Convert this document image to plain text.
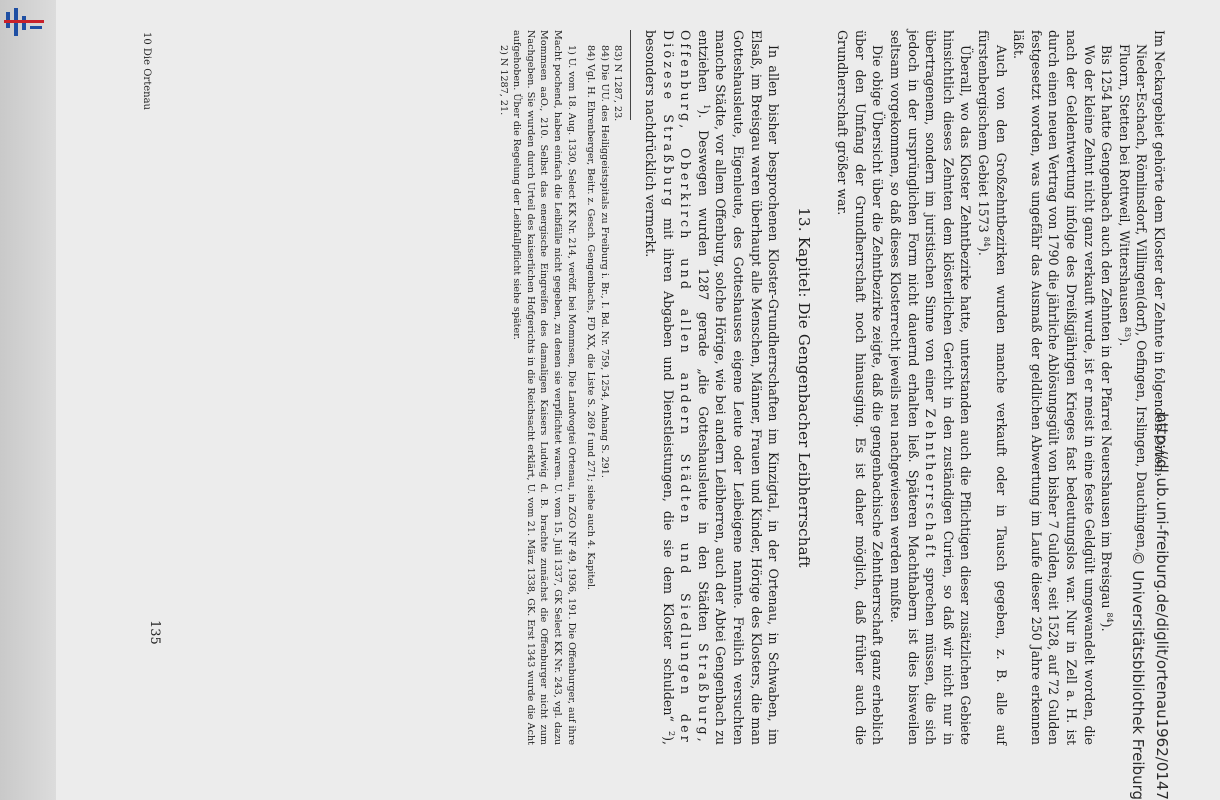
Im Neckargebiet gehörte dem Kloster der Zehnte in folgenden Orten:

Nieder-Eschach, Römlinsdorf, Villingen(dorf), Oefingen, Irslingen, Dauchingen,

Fluorn, Stetten bei Rottweil, Wittershausen $^{83}$).

Bis 1254 hatte Gengenbach auch den Zehnten in der Pfarrei Neuershausen im Breisgau $^{84}$).

Wo der kleine Zehnt nicht ganz verkauft wurde, ist er meist in eine feste Geldgült umgewandelt worden, die nach der Geldentwertung infolge des Dreißigjährigen Krieges fast bedeutungslos war. Nur in Zell a. H. ist durch einen neuen Vertrag von 1790 die jährliche Ablösungsgült von bisher 7 Gulden, seit 1528, auf 72 Gulden festgesetzt worden, was ungefähr das Ausmaß der geldlichen Abwertung im Laufe dieser 250 Jahre erkennen läßt.

Auch von den Großzehntbezirken wurden manche verkauft oder in Tausch gegeben, z. B. alle auf fürstenbergischem Gebiet 1573 $^{84}$).

Überall, wo das Kloster Zehntbezirke hatte, unterstanden auch die Pflichtigen dieser zusätzlichen Gebiete hinsichtlich dieses Zehnten dem klösterlichen Gericht in den zuständigen Curien, so daß wir nicht nur in übertragenem, sondern im juristischen Sinne von einer Zehntherrschaft sprechen müssen, die sich jedoch in der ursprünglichen Form nicht dauernd erhalten ließ. Späteren Machthabern ist dies bisweilen seltsam vorgekommen, so daß dieses Klosterrecht jeweils neu nachgewiesen werden mußte.

Die obige Übersicht über die Zehntbezirke zeigte, daß die gengenbachische Zehntherrschaft ganz erheblich über den Umfang der Grundherrschaft noch hinausging. Es ist daher möglich, daß früher auch die Grundherrschaft größer war.

13. Kapitel: Die Gengenbacher Leibherrschaft

In allen bisher besprochenen Kloster-Grundherrschaften im Kinzigtal, in der Ortenau, in Schwaben, im Elsaß, im Breisgau waren überhaupt alle Menschen, Männer, Frauen und Kinder, Hörige des Klosters, die man Gotteshausleute, Eigenleute, des Gotteshauses eigene Leute oder Leibeigene nannte. Freilich versuchten manche Städte, vor allem Offenburg, solche Hörige, wie bei andern Leibherren, auch der Abtei Gengenbach zu entziehen $^1$). Deswegen wurden 1287 gerade „die Gotteshausleute in den Städten Straßburg, Offenburg, Oberkirch und allen andern Städten und Siedlungen der Diözese Straßburg mit ihren Abgaben und Dienstleistungen, die sie dem Kloster schulden“ $^2$), besonders nachdrücklich vermerkt.

83) N 1287, 23.

84) Die UU. des Heiliggeistspitals zu Freiburg i. Br., I. Bd. Nr. 759, 1254, Anhang S. 291.

84) Vgl. H. Ehrenberger, Beitr. z. Gesch. Gengenbachs, FD XX, die Liste S. 269 f und 271; siehe auch 4. Kapitel.

1) U. vom 18. Aug. 1330, Select KK Nr. 214, veröff. bei Mommsen, Die Landvogtei Ortenau, in ZGO NF 49, 1936, 191. Die Offenburger, auf ihre Macht pochend, haben einfach die Leibfälle nicht gegeben, zu denen sie verpflichtet waren. U. vom 15. Juli 1337, GK Select KK Nr. 243, vgl. dazu Mommsen aaO., 210. Selbst das energische Eingreifen des damaligen Kaisers Ludwig d. B. brachte zunächst die Offenburger nicht zum Nachgeben. Sie wurden durch Urteil des kaiserlichen Hofgerichts in die Reichsacht erklärt, U. vom 21. März 1338, GK. Erst 1343 wurde die Acht aufgehoben. Über die Regelung der Leibfallpflicht siehe später.

2) N 1287, 21.

10 Die Ortenau
135	http://dl.ub.uni-freiburg.de/diglit/ortenau1962/0147
© Universitätsbibliothek Freiburg
